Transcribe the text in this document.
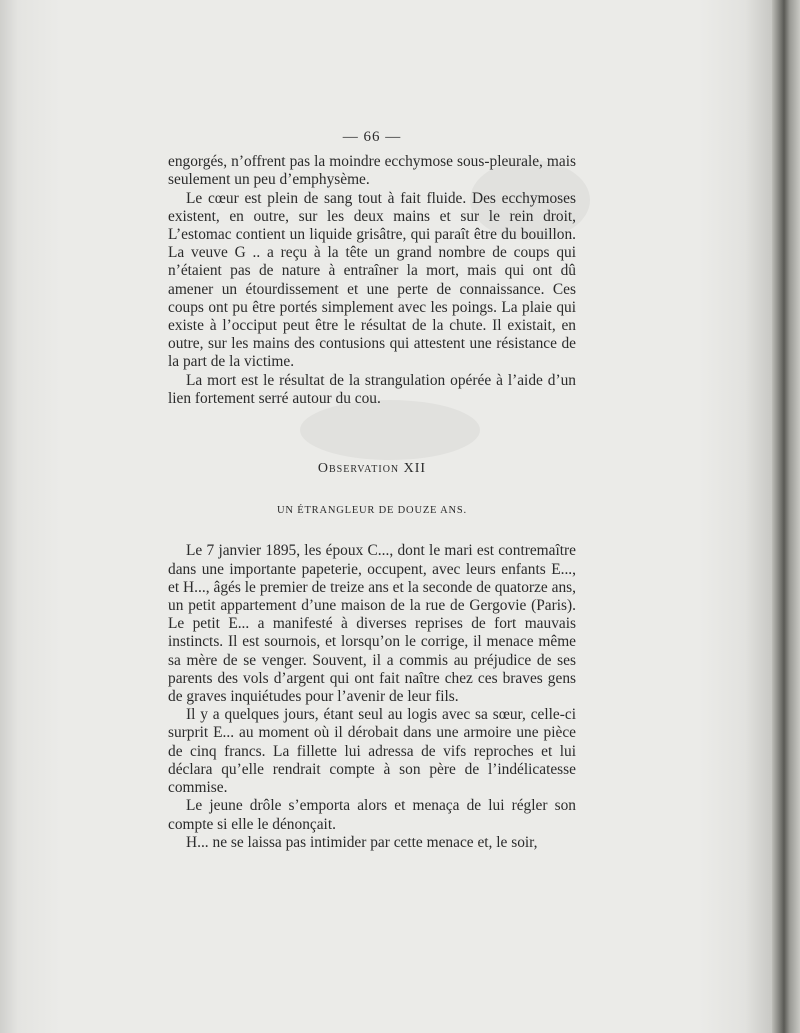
— 66 —

engorgés, n’offrent pas la moindre ecchymose sous-pleurale, mais seulement un peu d’emphysème.

Le cœur est plein de sang tout à fait fluide. Des ecchymoses existent, en outre, sur les deux mains et sur le rein droit, L’estomac contient un liquide grisâtre, qui paraît être du bouillon. La veuve G .. a reçu à la tête un grand nombre de coups qui n’étaient pas de nature à entraîner la mort, mais qui ont dû amener un étourdissement et une perte de connaissance. Ces coups ont pu être portés simplement avec les poings. La plaie qui existe à l’occiput peut être le résultat de la chute. Il existait, en outre, sur les mains des contusions qui attestent une résistance de la part de la victime.

La mort est le résultat de la strangulation opérée à l’aide d’un lien fortement serré autour du cou.

Observation XII
UN ÉTRANGLEUR DE DOUZE ANS.

Le 7 janvier 1895, les époux C..., dont le mari est contremaître dans une importante papeterie, occupent, avec leurs enfants E..., et H..., âgés le premier de treize ans et la seconde de quatorze ans, un petit appartement d’une maison de la rue de Gergovie (Paris). Le petit E... a manifesté à diverses reprises de fort mauvais instincts. Il est sournois, et lorsqu’on le corrige, il menace même sa mère de se venger. Souvent, il a commis au préjudice de ses parents des vols d’argent qui ont fait naître chez ces braves gens de graves inquiétudes pour l’avenir de leur fils.

Il y a quelques jours, étant seul au logis avec sa sœur, celle-ci surprit E... au moment où il dérobait dans une armoire une pièce de cinq francs. La fillette lui adressa de vifs reproches et lui déclara qu’elle rendrait compte à son père de l’indélicatesse commise.

Le jeune drôle s’emporta alors et menaça de lui régler son compte si elle le dénonçait.

H... ne se laissa pas intimider par cette menace et, le soir,
